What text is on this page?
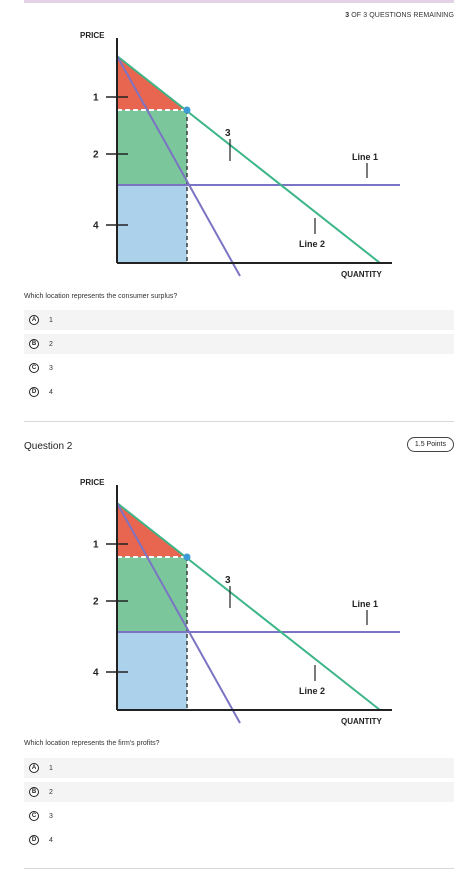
3 OF 3 QUESTIONS REMAINING
PRICE
1
2
4
3
Line 1
Line 2
QUANTITY
Which location represents the consumer surplus?
A	1
B	2
C	3
D	4
Question 2	1.5 Points
PRICE
1
2
4
3
Line 1
Line 2
QUANTITY
Which location represents the firm's profits?
A	1
B	2
C	3
D	4
